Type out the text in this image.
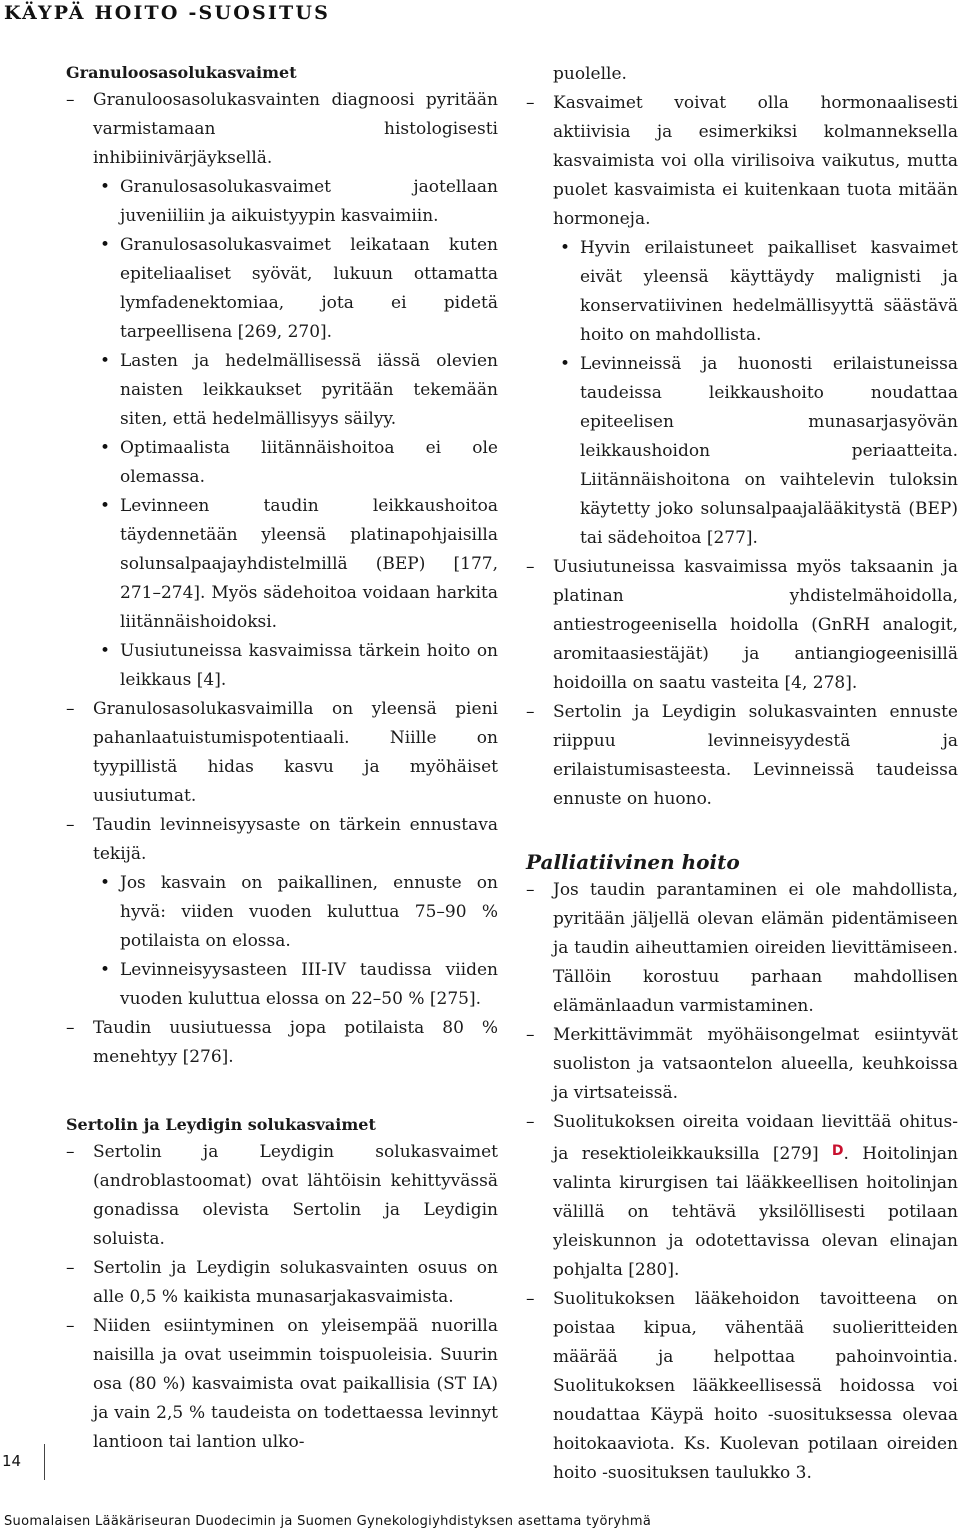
KÄYPÄ HOITO -SUOSITUS
Granuloosasolukasvaimet

– Granuloosasolukasvainten diagnoosi pyritään varmistamaan histologisesti inhibiinivärjäyksellä.

• Granulosasolukasvaimet jaotellaan juveniiliin ja aikuistyypin kasvaimiin.

• Granulosasolukasvaimet leikataan kuten epiteliaaliset syövät, lukuun ottamatta lymfadenektomiaa, jota ei pidetä tarpeellisena [269, 270].

• Lasten ja hedelmällisessä iässä olevien naisten leikkaukset pyritään tekemään siten, että hedelmällisyys säilyy.

• Optimaalista liitännäishoitoa ei ole olemassa.

• Levinneen taudin leikkaushoitoa täydennetään yleensä platinapohjaisilla solunsalpaajayhdistelmillä (BEP) [177, 271–274]. Myös sädehoitoa voidaan harkita liitännäishoidoksi.

• Uusiutuneissa kasvaimissa tärkein hoito on leikkaus [4].

– Granulosasolukasvaimilla on yleensä pieni pahanlaatuistumispotentiaali. Niille on tyypillistä hidas kasvu ja myöhäiset uusiutumat.

– Taudin levinneisyysaste on tärkein ennustava tekijä.

• Jos kasvain on paikallinen, ennuste on hyvä: viiden vuoden kuluttua 75–90 % potilaista on elossa.

• Levinneisyysasteen III-IV taudissa viiden vuoden kuluttua elossa on 22–50 % [275].

– Taudin uusiutuessa jopa potilaista 80 % menehtyy [276].

Sertolin ja Leydigin solukasvaimet

– Sertolin ja Leydigin solukasvaimet (androblastoomat) ovat lähtöisin kehittyvässä gonadissa olevista Sertolin ja Leydigin soluista.

– Sertolin ja Leydigin solukasvainten osuus on alle 0,5 % kaikista munasarjakasvaimista.

– Niiden esiintyminen on yleisempää nuorilla naisilla ja ovat useimmin toispuoleisia. Suurin osa (80 %) kasvaimista ovat paikallisia (ST IA) ja vain 2,5 % taudeista on todettaessa levinnyt lantioon tai lantion ulko-

puolelle.

– Kasvaimet voivat olla hormonaalisesti aktiivisia ja esimerkiksi kolmanneksella kasvaimista voi olla virilisoiva vaikutus, mutta puolet kasvaimista ei kuitenkaan tuota mitään hormoneja.

• Hyvin erilaistuneet paikalliset kasvaimet eivät yleensä käyttäydy malignisti ja konservatiivinen hedelmällisyyttä säästävä hoito on mahdollista.

• Levinneissä ja huonosti erilaistuneissa taudeissa leikkaushoito noudattaa epiteelisen munasarjasyövän leikkaushoidon periaatteita. Liitännäishoitona on vaihtelevin tuloksin käytetty joko solunsalpaajalääkitystä (BEP) tai sädehoitoa [277].

– Uusiutuneissa kasvaimissa myös taksaanin ja platinan yhdistelmähoidolla, antiestrogeenisella hoidolla (GnRH analogit, aromitaasiestäjät) ja antiangiogeenisillä hoidoilla on saatu vasteita [4, 278].

– Sertolin ja Leydigin solukasvainten ennuste riippuu levinneisyydestä ja erilaistumisasteesta. Levinneissä taudeissa ennuste on huono.

Palliatiivinen hoito

– Jos taudin parantaminen ei ole mahdollista, pyritään jäljellä olevan elämän pidentämiseen ja taudin aiheuttamien oireiden lievittämiseen. Tällöin korostuu parhaan mahdollisen elämänlaadun varmistaminen.

– Merkittävimmät myöhäisongelmat esiintyvät suoliston ja vatsaontelon alueella, keuhkoissa ja virtsateissä.

– Suolitukoksen oireita voidaan lievittää ohitus- ja resektioleikkauksilla [279] $^D$. Hoitolinjan valinta kirurgisen tai lääkkeellisen hoitolinjan välillä on tehtävä yksilöllisesti potilaan yleiskunnon ja odotettavissa olevan elinajan pohjalta [280].

– Suolitukoksen lääkehoidon tavoitteena on poistaa kipua, vähentää suolieritteiden määrää ja helpottaa pahoinvointia. Suolitukoksen lääkkeellisessä hoidossa voi noudattaa Käypä hoito -suosituksessa olevaa hoitokaaviota. Ks. Kuolevan potilaan oireiden hoito -suosituksen taulukko 3.

14
Suomalaisen Lääkäriseuran Duodecimin ja Suomen Gynekologiyhdistyksen asettama työryhmä
